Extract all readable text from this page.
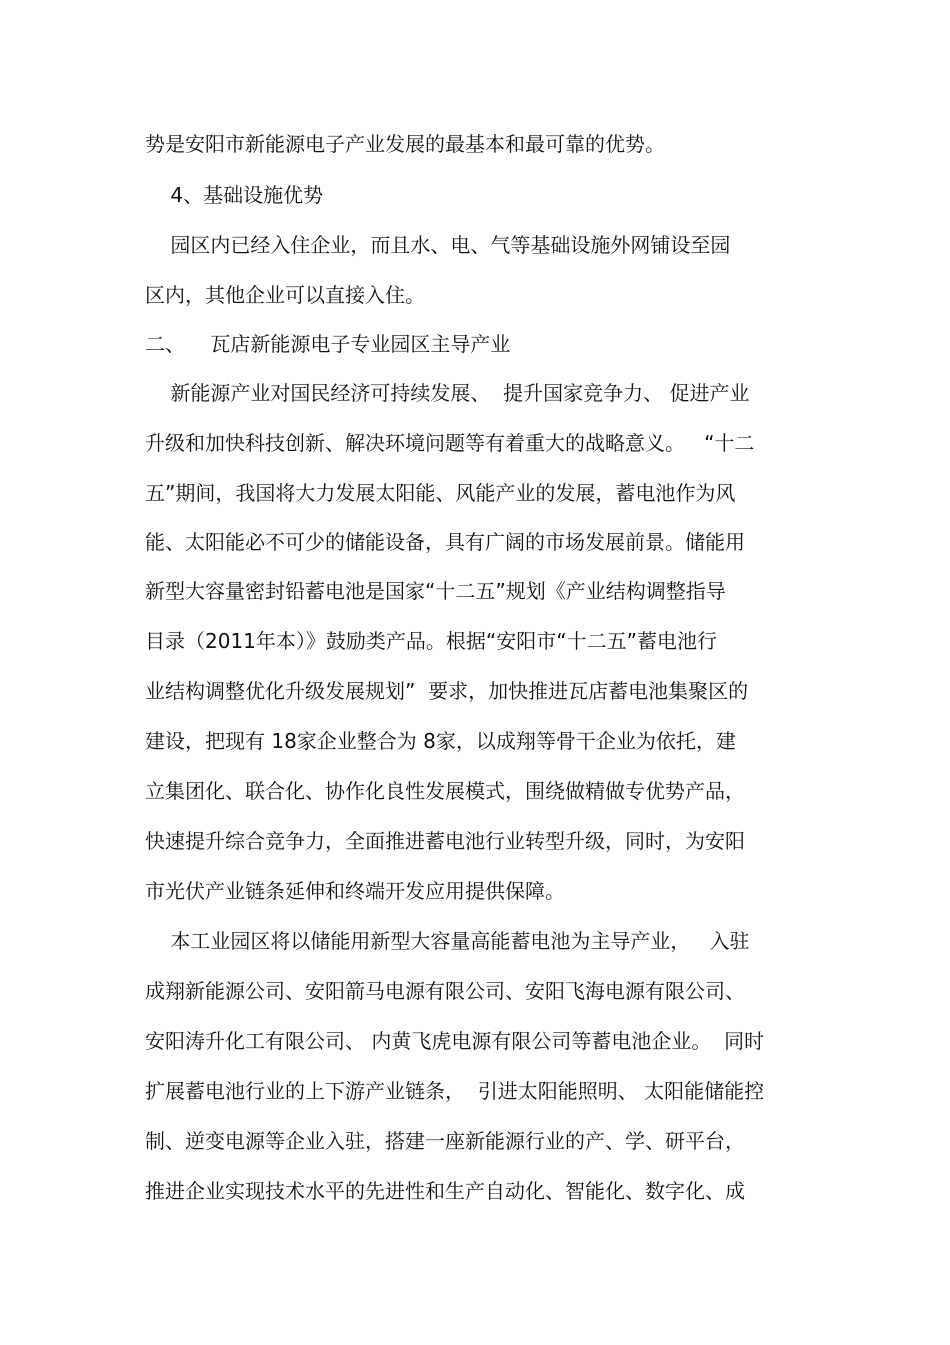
势是安阳市新能源电子产业发展的最基本和最可靠的优势。

4、基础设施优势

园区内已经入住企业，而且水、电、气等基础设施外网铺设至园

区内，其他企业可以直接入住。

二、    瓦店新能源电子专业园区主导产业

新能源产业对国民经济可持续发展、  提升国家竞争力、 促进产业

升级和加快科技创新、解决环境问题等有着重大的战略意义。   “十二

五”期间，我国将大力发展太阳能、风能产业的发展，蓄电池作为风

能、太阳能必不可少的储能设备，具有广阔的市场发展前景。储能用

新型大容量密封铅蓄电池是国家“十二五”规划《产业结构调整指导

目录（2011年本）》鼓励类产品。根据“安阳市“十二五”蓄电池行

业结构调整优化升级发展规划”  要求，加快推进瓦店蓄电池集聚区的

建设，把现有 18家企业整合为 8家，以成翔等骨干企业为依托，建

立集团化、联合化、协作化良性发展模式，围绕做精做专优势产品，

快速提升综合竞争力，全面推进蓄电池行业转型升级，同时，为安阳

市光伏产业链条延伸和终端开发应用提供保障。

本工业园区将以储能用新型大容量高能蓄电池为主导产业，   入驻

成翔新能源公司、安阳箭马电源有限公司、安阳飞海电源有限公司、

安阳涛升化工有限公司、 内黄飞虎电源有限公司等蓄电池企业。  同时

扩展蓄电池行业的上下游产业链条，  引进太阳能照明、 太阳能储能控

制、逆变电源等企业入驻，搭建一座新能源行业的产、学、研平台，

推进企业实现技术水平的先进性和生产自动化、智能化、数字化、成
